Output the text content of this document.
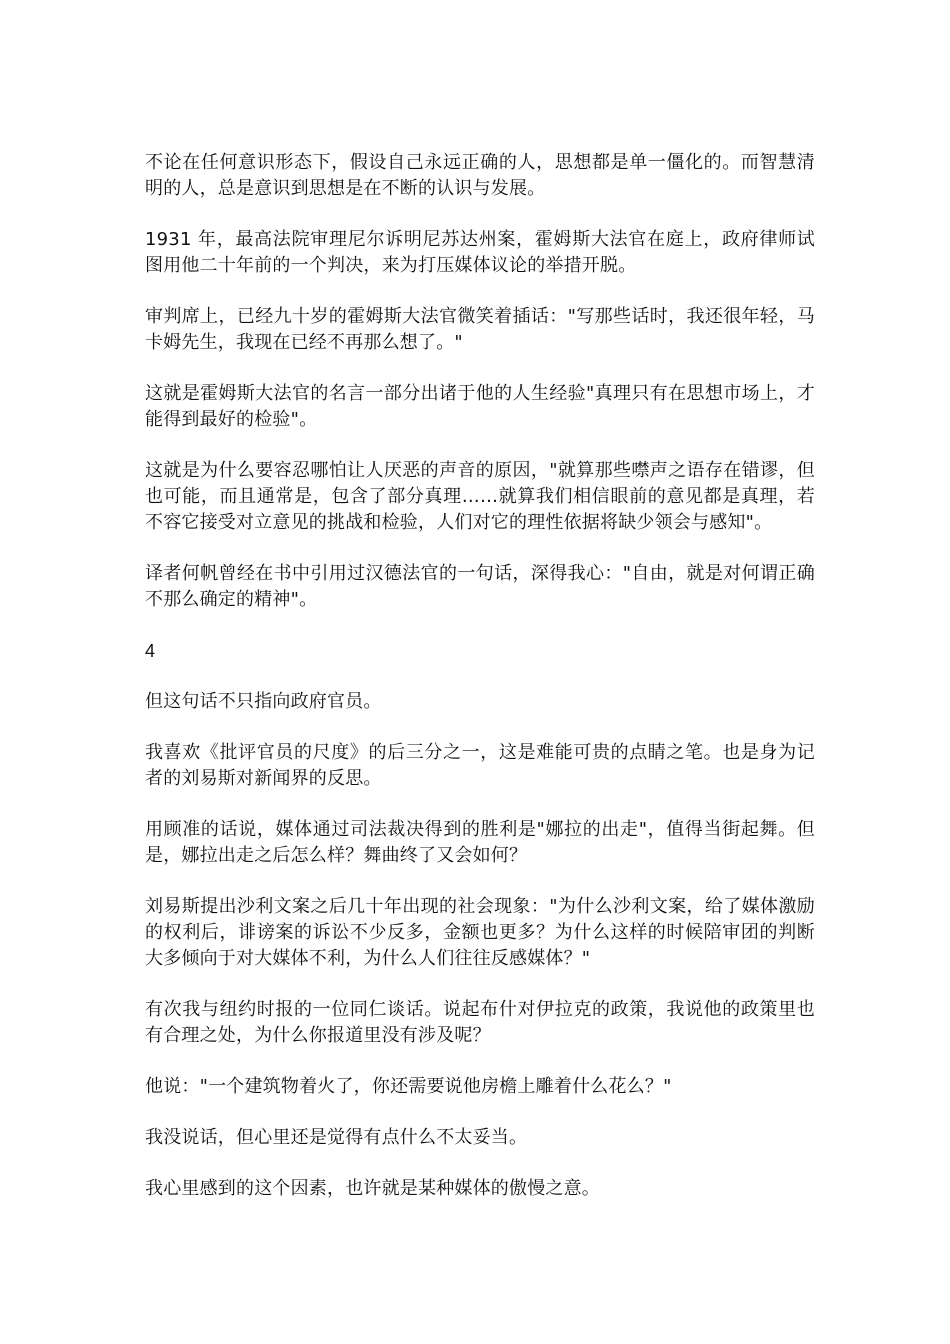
不论在任何意识形态下，假设自己永远正确的人，思想都是单一僵化的。而智慧清明的人，总是意识到思想是在不断的认识与发展。

1931 年，最高法院审理尼尔诉明尼苏达州案，霍姆斯大法官在庭上，政府律师试图用他二十年前的一个判决，来为打压媒体议论的举措开脱。

审判席上，已经九十岁的霍姆斯大法官微笑着插话："写那些话时，我还很年轻，马卡姆先生，我现在已经不再那么想了。"

这就是霍姆斯大法官的名言一部分出诸于他的人生经验"真理只有在思想市场上，才能得到最好的检验"。

这就是为什么要容忍哪怕让人厌恶的声音的原因，"就算那些噤声之语存在错谬，但也可能，而且通常是，包含了部分真理……就算我们相信眼前的意见都是真理，若不容它接受对立意见的挑战和检验，人们对它的理性依据将缺少领会与感知"。

译者何帆曾经在书中引用过汉德法官的一句话，深得我心："自由，就是对何谓正确不那么确定的精神"。

4

但这句话不只指向政府官员。

我喜欢《批评官员的尺度》的后三分之一，这是难能可贵的点睛之笔。也是身为记者的刘易斯对新闻界的反思。

用顾准的话说，媒体通过司法裁决得到的胜利是"娜拉的出走"，值得当街起舞。但是，娜拉出走之后怎么样？舞曲终了又会如何？

刘易斯提出沙利文案之后几十年出现的社会现象："为什么沙利文案，给了媒体激励的权利后，诽谤案的诉讼不少反多，金额也更多？为什么这样的时候陪审团的判断大多倾向于对大媒体不利，为什么人们往往反感媒体？"

有次我与纽约时报的一位同仁谈话。说起布什对伊拉克的政策，我说他的政策里也有合理之处，为什么你报道里没有涉及呢？

他说："一个建筑物着火了，你还需要说他房檐上雕着什么花么？"

我没说话，但心里还是觉得有点什么不太妥当。

我心里感到的这个因素，也许就是某种媒体的傲慢之意。
